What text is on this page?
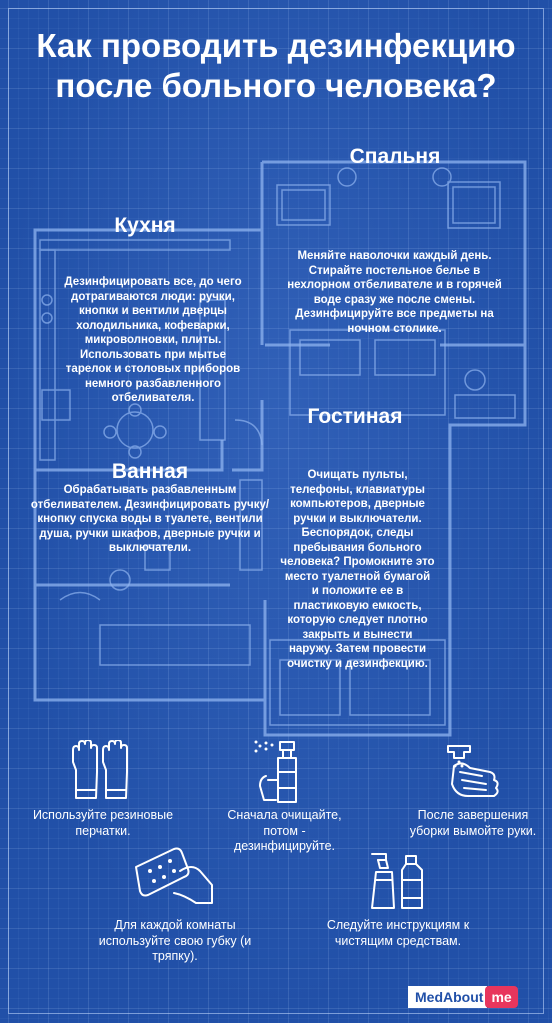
Как проводить дезинфекцию после больного человека?
Спальня
Меняйте наволочки каждый день. Стирайте постельное белье в нехлорном отбеливателе и в горячей воде сразу же после смены. Дезинфицируйте все предметы на ночном столике.
Кухня
Дезинфицировать все, до чего дотрагиваются люди: ручки, кнопки и вентили дверцы холодильника, кофеварки, микроволновки, плиты. Использовать при мытье тарелок и столовых приборов немного разбавленного отбеливателя.
Гостиная
Очищать пульты, телефоны, клавиатуры компьютеров, дверные ручки и выключатели. Беспорядок, следы пребывания больного человека? Промокните это место туалетной бумагой и положите ее в пластиковую емкость, которую следует плотно закрыть и вынести наружу. Затем провести очистку и дезинфекцию.
Ванная
Обрабатывать разбавленным отбеливателем. Дезинфицировать ручку/кнопку спуска воды в туалете, вентили душа, ручки шкафов, дверные ручки и выключатели.
Используйте резиновые перчатки.
Сначала очищайте, потом - дезинфицируйте.
После завершения уборки вымойте руки.
Для каждой комнаты используйте свою губку (и тряпку).
Следуйте инструкциям к чистящим средствам.
MedAbout me
